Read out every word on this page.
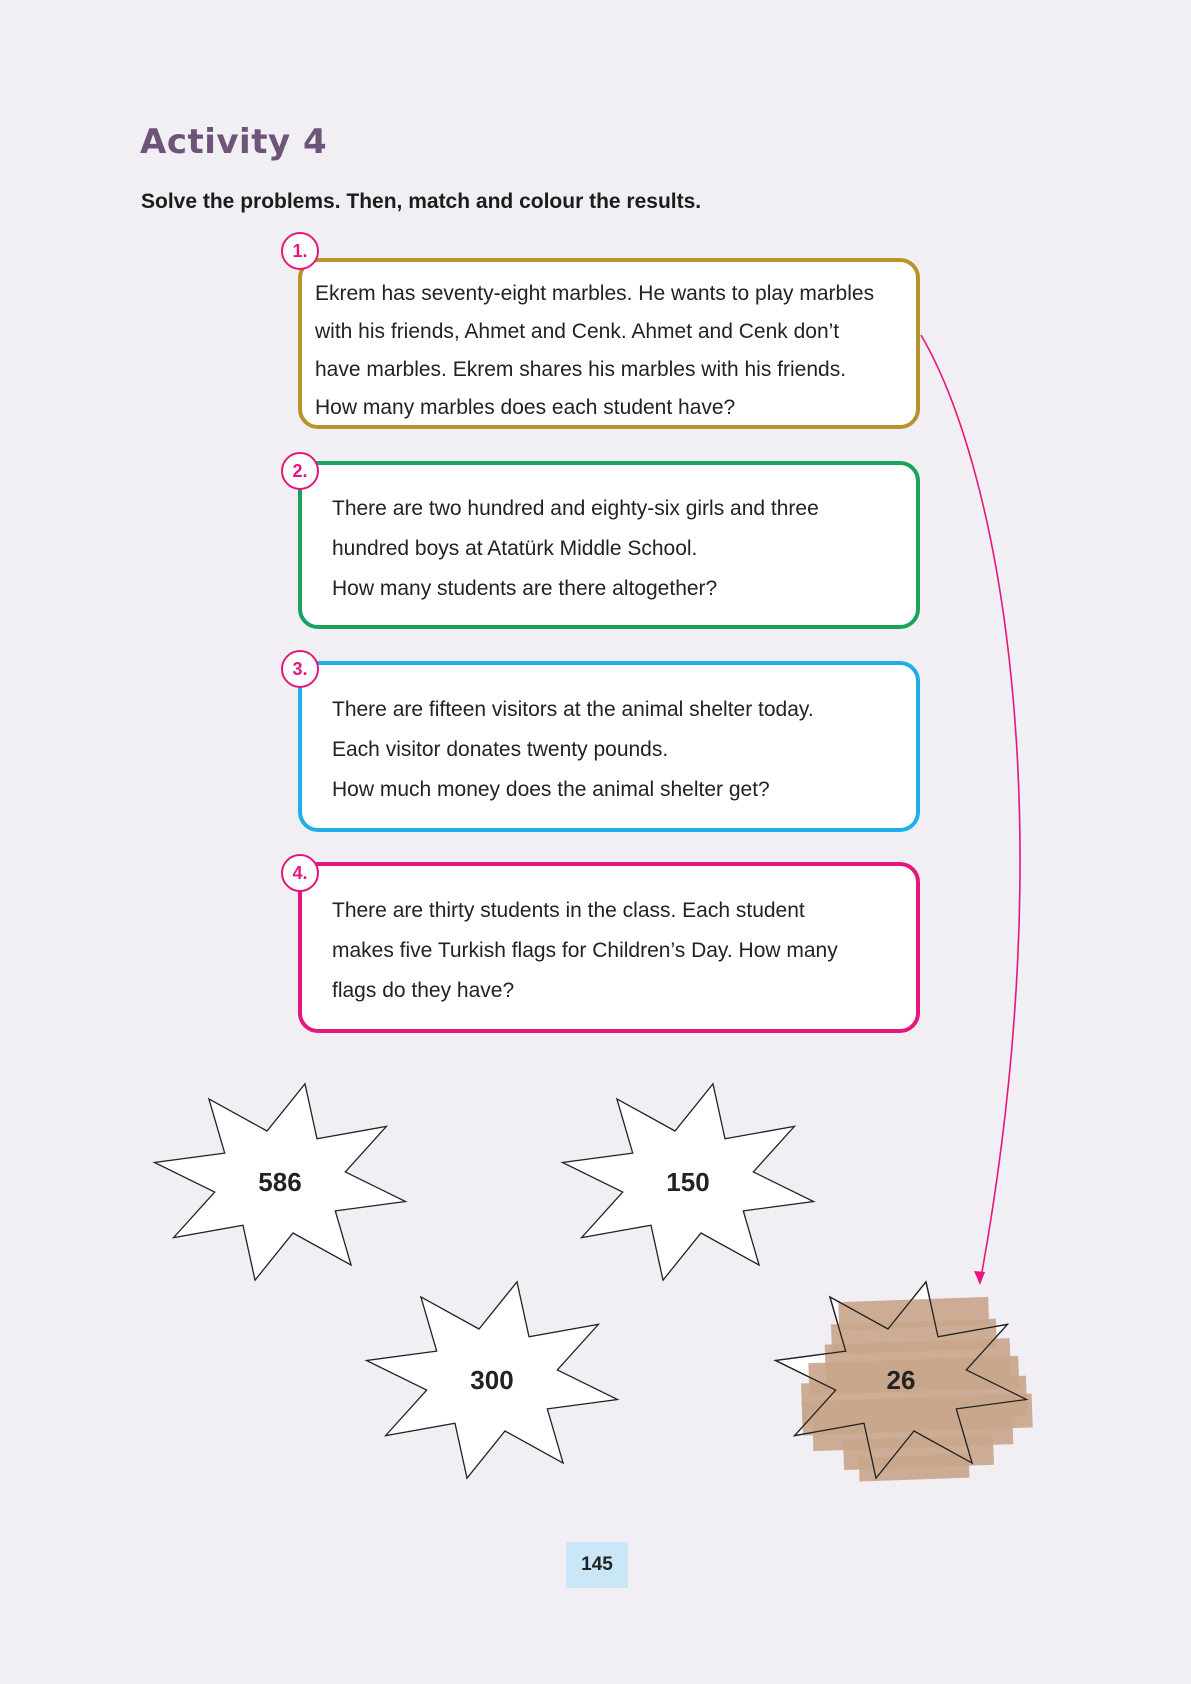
Activity 4
Solve the problems. Then, match and colour the results.
Ekrem has seventy-eight marbles. He wants to play marbles
with his friends, Ahmet and Cenk. Ahmet and Cenk don’t
have marbles. Ekrem shares his marbles with his friends.
How many marbles does each student have?
1.
There are two hundred and eighty-six girls and three
hundred boys at Atatürk Middle School.
How many students are there altogether?
2.
There are fifteen visitors at the animal shelter today.
Each visitor donates twenty pounds.
How much money does the animal shelter get?
3.
There are thirty students in the class. Each student
makes five Turkish flags for Children’s Day. How many
flags do they have?
4.
586	150
300	26
145
